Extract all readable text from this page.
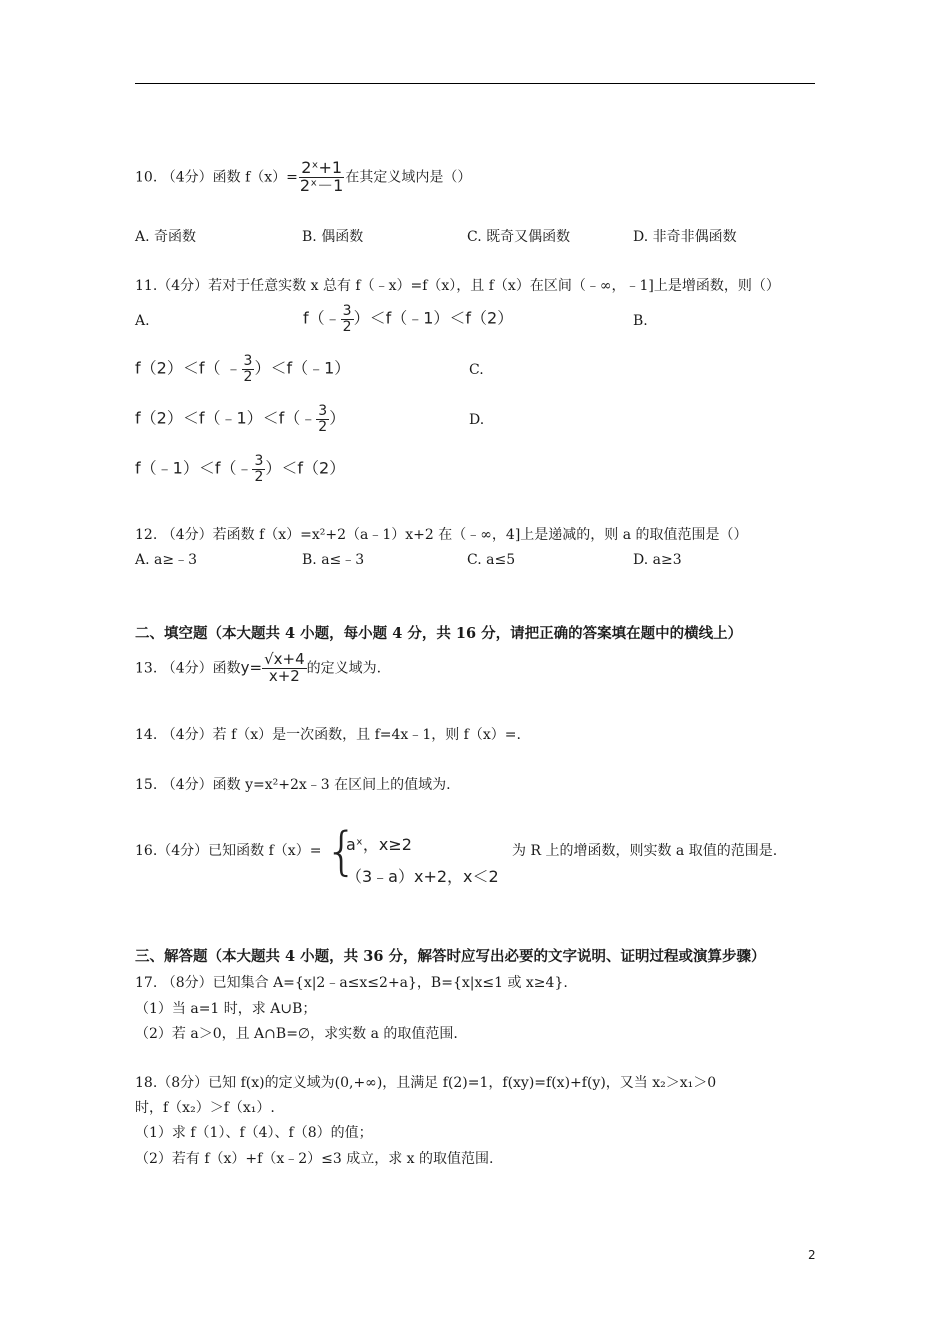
10. （4分）函数 $f(x)= \frac{\text{2ˣ+1}}{\text{2ˣ－1}}$ 在其定义域内是（）
A. 奇函数	B. 偶函数	C. 既奇又偶函数	D. 非奇非偶函数
11.（4分）若对于任意实数 x 总有 f（﹣x）=f（x），且 f（x）在区间（﹣∞，﹣1]上是增函数，则（）
A.	f（﹣ $\frac{3}{2}$ ）＜f（﹣1）＜f（2）	B.
f（2）＜f（ ﹣ $\frac{3}{2}$ ）＜f（﹣1）	C.
f（2）＜f（﹣1）＜f（﹣ $\frac{3}{2}$ ）	D.
f（﹣1）＜f（﹣ $\frac{3}{2} )<f(2)$
12. （4分）若函数 f（x）=x²+2（a﹣1）x+2 在（﹣∞，4]上是递减的，则 a 的取值范围是（）
A. a≥﹣3	B. a≤﹣3	C. a≤5	D. a≥3
二、填空题（本大题共 4 小题，每小题 4 分，共 16 分，请把正确的答案填在题中的横线上）
13. （4分）函数$y= \frac{√x+4}{x+2}$ 的定义域为.
14. （4分）若 f（x）是一次函数，且 f=4x﹣1，则 f（x）=.
15. （4分）函数 y=x²+2x﹣3 在区间上的值域为.
16.（4分）已知函数 f（x）= {
aˣ，x≥2
（3﹣a）x+2，x＜2
为 R 上的增函数，则实数 a 取值的范围是.
三、解答题（本大题共 4 小题，共 36 分，解答时应写出必要的文字说明、证明过程或演算步骤）
17. （8分）已知集合 A={x|2﹣a≤x≤2+a}，B={x|x≤1 或 x≥4}.
（1）当 a=1 时，求 A∪B；
（2）若 a＞0，且 A∩B=∅，求实数 a 的取值范围.
18.（8分）已知 f(x)的定义域为(0,+∞)，且满足 f(2)=1，f(xy)=f(x)+f(y)，又当 x₂＞x₁＞0
时，f（x₂）＞f（x₁）.
（1）求 f（1）、f（4）、f（8）的值；
（2）若有 f（x）+f（x﹣2）≤3 成立，求 x 的取值范围.
2
